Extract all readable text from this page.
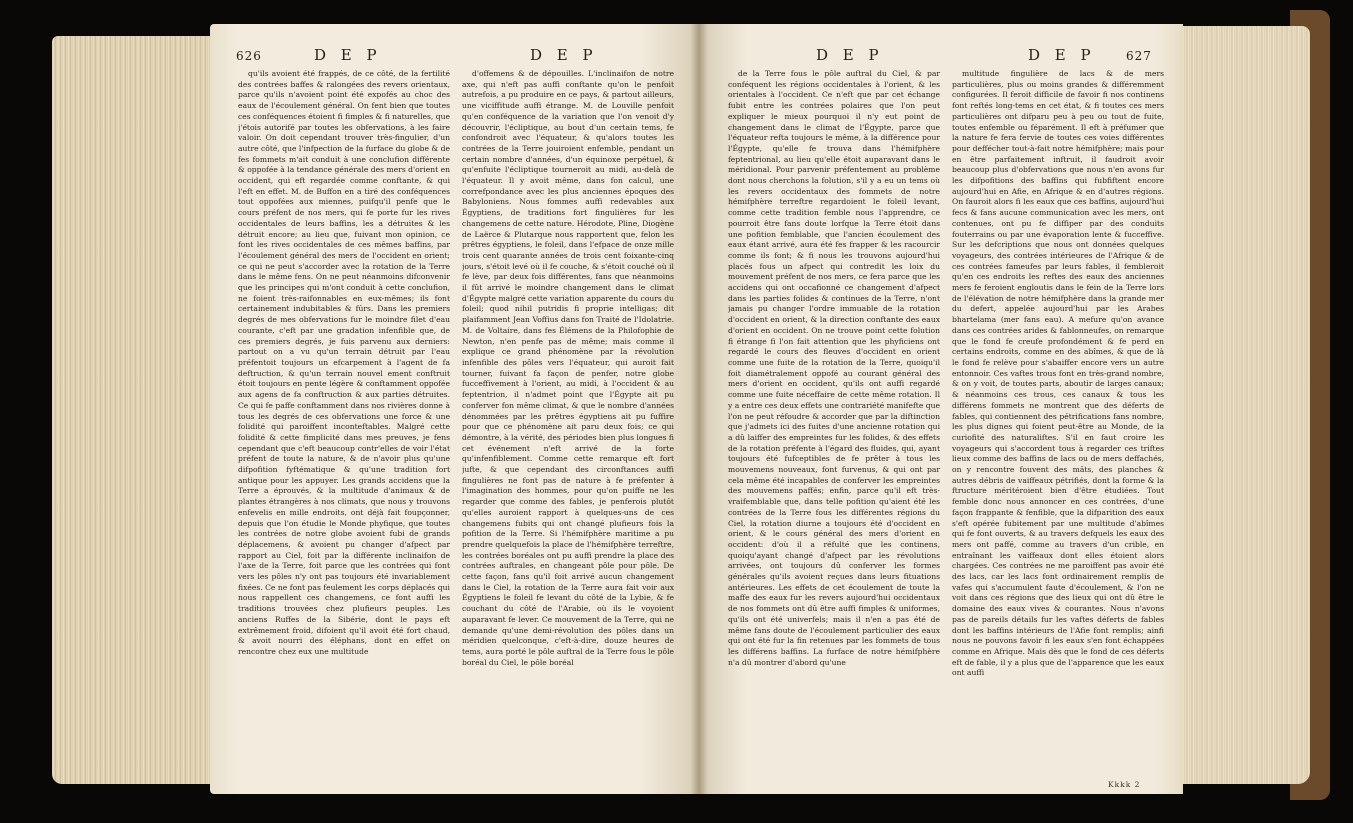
626	D E P	D E P

qu'ils avoient été frappés, de ce côté, de la fertilité des contrées baffes & ralongées des revers orientaux, parce qu'ils n'avoient point été expofés au choc des eaux de l'écoulement général. On fent bien que toutes ces conféquences étoient fi fimples & fi naturelles, que j'étois autorifé par toutes les obfervations, à les faire valoir. On doit cependant trouver très-fingulier, d'un autre côté, que l'infpection de la furface du globe & de fes fommets m'ait conduit à une conclufion différente & oppofée à la tendance générale des mers d'orient en occident, qui eft regardée comme conftante, & qui l'eft en effet. M. de Buffon en a tiré des conféquences tout oppofées aux miennes, puifqu'il penfe que le cours préfent de nos mers, qui fe porte fur les rives occidentales de leurs baffins, les a détruites & les détruit encore; au lieu que, fuivant mon opinion, ce font les rives occidentales de ces mêmes baffins, par l'écoulement général des mers de l'occident en orient; ce qui ne peut s'accorder avec la rotation de la Terre dans le même fens. On ne peut néanmoins difconvenir que les principes qui m'ont conduit à cette conclufion, ne foient très-raifonnables en eux-mêmes; ils font certainement indubitables & fûrs. Dans les premiers degrés de mes obfervations fur le moindre filet d'eau courante, c'eft par une gradation infenfible que, de ces premiers degrés, je fuis parvenu aux derniers: partout on a vu qu'un terrain détruit par l'eau préfentoit toujours un efcarpement à l'agent de fa deftruction, & qu'un terrain nouvel ement conftruit étoit toujours en pente légère & conftamment oppofée aux agens de fa conftruction & aux parties détruites. Ce qui fe paffe conftamment dans nos rivières donne à tous les degrés de ces obfervations une force & une folidité qui paroiffent inconteftables. Malgré cette folidité & cette fimplicité dans mes preuves, je fens cependant que c'eft beaucoup contr'elles de voir l'état préfent de toute la nature, & de n'avoir plus qu'une difpofition fyftématique & qu'une tradition fort antique pour les appuyer. Les grands accidens que la Terre a éprouvés, & la multitude d'animaux & de plantes étrangères à nos climats, que nous y trouvons enfevelis en mille endroits, ont déjà fait foupçonner, depuis que l'on étudie le Monde phyfique, que toutes les contrées de notre globe avoient fubi de grands déplacemens, & avoient pu changer d'afpect par rapport au Ciel, foit par la différente inclinaifon de l'axe de la Terre, foit parce que les contrées qui font vers les pôles n'y ont pas toujours été invariablement fixées. Ce ne font pas feulement les corps déplacés qui nous rappellent ces changemens, ce font auffi les traditions trouvées chez plufieurs peuples. Les anciens Ruffes de la Sibérie, dont le pays eft extrêmement froid, difoient qu'il avoit été fort chaud, & avoit nourri des éléphans, dont en effet on rencontre chez eux une multitude

d'offemens & de dépouilles. L'inclinaifon de notre axe, qui n'eft pas auffi conftante qu'on le penfoit autrefois, a pu produire en ce pays, & partout ailleurs, une viciffitude auffi étrange. M. de Louville penfoit qu'en conféquence de la variation que l'on venoit d'y découvrir, l'écliptique, au bout d'un certain tems, fe confondroit avec l'équateur, & qu'alors toutes les contrées de la Terre jouiroient enfemble, pendant un certain nombre d'années, d'un équinoxe perpétuel, & qu'enfuite l'écliptique tourneroit au midi, au-delà de l'équateur. Il y avoit même, dans fon calcul, une correfpondance avec les plus anciennes époques des Babyloniens. Nous fommes auffi redevables aux Égyptiens, de traditions fort fingulières fur les changemens de cette nature. Hérodote, Pline, Diogène de Laërce & Plutarque nous rapportent que, felon les prêtres égyptiens, le foleil, dans l'efpace de onze mille trois cent quarante années de trois cent foixante-cinq jours, s'étoit levé où il fe couche, & s'étoit couché où il fe lève, par deux fois différentes, fans que néanmoins il fût arrivé le moindre changement dans le climat d'Égypte malgré cette variation apparente du cours du foleil; quod nihil putridis fi proprie intelligas; dit plaifamment Jean Voffius dans fon Traité de l'Idolatrie. M. de Voltaire, dans fes Élémens de la Philofophie de Newton, n'en penfe pas de même; mais comme il explique ce grand phénomène par la révolution infenfible des pôles vers l'équateur, qui auroit fait tourner, fuivant fa façon de penfer, notre globe fucceffivement à l'orient, au midi, à l'occident & au feptentrion, il n'admet point que l'Égypte ait pu conferver fon même climat, & que le nombre d'années dénommées par les prêtres égyptiens ait pu fuffire pour que ce phénomène ait paru deux fois; ce qui démontre, à la vérité, des périodes bien plus longues fi cet événement n'eft arrivé de la forte qu'infenfiblement. Comme cette remarque eft fort jufte, & que cependant des circonftances auffi fingulières ne font pas de nature à fe préfenter à l'imagination des hommes, pour qu'on puiffe ne les regarder que comme des fables, je penferois plutôt qu'elles auroient rapport à quelques-uns de ces changemens fubits qui ont changé plufieurs fois la pofition de la Terre. Si l'hémifphère maritime a pu prendre quelquefois la place de l'hémifphère terreftre, les contrées boréales ont pu auffi prendre la place des contrées auftrales, en changeant pôle pour pôle. De cette façon, fans qu'il foit arrivé aucun changement dans le Ciel, la rotation de la Terre aura fait voir aux Égyptiens le foleil fe levant du côté de la Lybie, & fe couchant du côté de l'Arabie, où ils le voyoient auparavant fe lever. Ce mouvement de la Terre, qui ne demande qu'une demi-révolution des pôles dans un méridien quelconque, c'eft-à-dire, douze heures de tems, aura porté le pôle auftral de la Terre fous le pôle boréal du Ciel, le pôle boréal

D E P	D E P	627

de la Terre fous le pôle auftral du Ciel, & par conféquent les régions occidentales à l'orient, & les orientales à l'occident. Ce n'eft que par cet échange fubit entre les contrées polaires que l'on peut expliquer le mieux pourquoi il n'y eut point de changement dans le climat de l'Égypte, parce que l'équateur refta toujours le même, à la différence pour l'Égypte, qu'elle fe trouva dans l'hémifphère feptentrional, au lieu qu'elle étoit auparavant dans le méridional. Pour parvenir préfentement au problème dont nous cherchons la folution, s'il y a eu un tems où les revers occidentaux des fommets de notre hémifphère terreftre regardoient le foleil levant, comme cette tradition femble nous l'apprendre, ce pourroit être fans doute lorfque la Terre étoit dans une pofition femblable, que l'ancien écoulement des eaux étant arrivé, aura été fes frapper & les racourcir comme ils font; & fi nous les trouvons aujourd'hui placés fous un afpect qui contredit les loix du mouvement préfent de nos mers, ce fera parce que les accidens qui ont occafionné ce changement d'afpect dans les parties folides & continues de la Terre, n'ont jamais pu changer l'ordre immuable de la rotation d'occident en orient, & la direction conftante des eaux d'orient en occident. On ne trouve point cette folution fi étrange fi l'on fait attention que les phyficiens ont regardé le cours des fleuves d'occident en orient comme une fuite de la rotation de la Terre, quoiqu'il foit diamétralement oppofé au courant général des mers d'orient en occident, qu'ils ont auffi regardé comme une fuite néceffaire de cette même rotation. Il y a entre ces deux effets une contrariété manifefte que l'on ne peut réfoudre & accorder que par la diftinction que j'admets ici des fuites d'une ancienne rotation qui a dû laiffer des empreintes fur les folides, & des effets de la rotation préfente à l'égard des fluides, qui, ayant toujours été fufceptibles de fe prêter à tous les mouvemens nouveaux, font furvenus, & qui ont par cela même été incapables de conferver les empreintes des mouvemens paffés; enfin, parce qu'il eft très-vraifemblable que, dans telle pofition qu'aient été les contrées de la Terre fous les différentes régions du Ciel, la rotation diurne a toujours été d'occident en orient, & le cours général des mers d'orient en occident: d'où il a réfulté que les continens, quoiqu'ayant changé d'afpect par les révolutions arrivées, ont toujours dû conferver les formes générales qu'ils avoient reçues dans leurs fituations antérieures. Les effets de cet écoulement de toute la maffe des eaux fur les revers aujourd'hui occidentaux de nos fommets ont dû être auffi fimples & uniformes, qu'ils ont été univerfels; mais il n'en a pas été de même fans doute de l'écoulement particulier des eaux qui ont été fur la fin retenues par les fommets de tous les différens baffins. La furface de notre hémifphère n'a dû montrer d'abord qu'une

multitude fingulière de lacs & de mers particulières, plus ou moins grandes & différemment configurées. Il feroit difficile de favoir fi nos continens font reftés long-tems en cet état, & fi toutes ces mers particulières ont difparu peu à peu ou tout de fuite, toutes enfemble ou féparément. Il eft à préfumer que la nature fe fera fervie de toutes ces voies différentes pour deffécher tout-à-fait notre hémifphère; mais pour en être parfaitement inftruit, il faudroit avoir beaucoup plus d'obfervations que nous n'en avons fur les difpofitions des baffins qui fubfiftent encore aujourd'hui en Afie, en Afrique & en d'autres régions. On fauroit alors fi les eaux que ces baffins, aujourd'hui fecs & fans aucune communication avec les mers, ont contenues, ont pu fe diffiper par des conduits fouterrains ou par une évaporation lente & fucceffive. Sur les defcriptions que nous ont données quelques voyageurs, des contrées intérieures de l'Afrique & de ces contrées fameufes par leurs fables, il fembleroit qu'en ces endroits les reftes des eaux des anciennes mers fe feroient engloutis dans le fein de la Terre lors de l'élévation de notre hémifphère dans la grande mer du defert, appelée aujourd'hui par les Arabes bhartelama (mer fans eau). A mefure qu'on avance dans ces contrées arides & fablonneufes, on remarque que le fond fe creufe profondément & fe perd en certains endroits, comme en des abîmes, & que de là le fond fe relève pour s'abaiffer encore vers un autre entonnoir. Ces vaftes trous font en très-grand nombre, & on y voit, de toutes parts, aboutir de larges canaux; & néanmoins ces trous, ces canaux & tous les différens fommets ne montrent que des déferts de fables, qui contiennent des pétrifications fans nombre, les plus dignes qui foient peut-être au Monde, de la curiofité des naturaliftes. S'il en faut croire les voyageurs qui s'accordent tous à regarder ces triftes lieux comme des baffins de lacs ou de mers deffachés, on y rencontre fouvent des mâts, des planches & autres débris de vaiffeaux pétrifiés, dont la forme & la ftructure méritéroient bien d'être étudiées. Tout femble donc nous annoncer en ces contrées, d'une façon frappante & fenfible, que la difparition des eaux s'eft opérée fubitement par une multitude d'abîmes qui fe font ouverts, & au travers defquels les eaux des mers ont paffé, comme au travers d'un crible, en entraînant les vaiffeaux dont elles étoient alors chargées. Ces contrées ne me paroiffent pas avoir été des lacs, car les lacs font ordinairement remplis de vafes qui s'accumulent faute d'écoulement, & l'on ne voit dans ces régions que des lieux qui ont dû être le domaine des eaux vives & courantes. Nous n'avons pas de pareils détails fur les vaftes déferts de fables dont les baffins intérieurs de l'Afie font remplis; ainfi nous ne pouvons favoir fi les eaux s'en font échappées comme en Afrique. Mais dès que le fond de ces déferts eft de fable, il y a plus que de l'apparence que les eaux ont auffi

Kkkk 2
